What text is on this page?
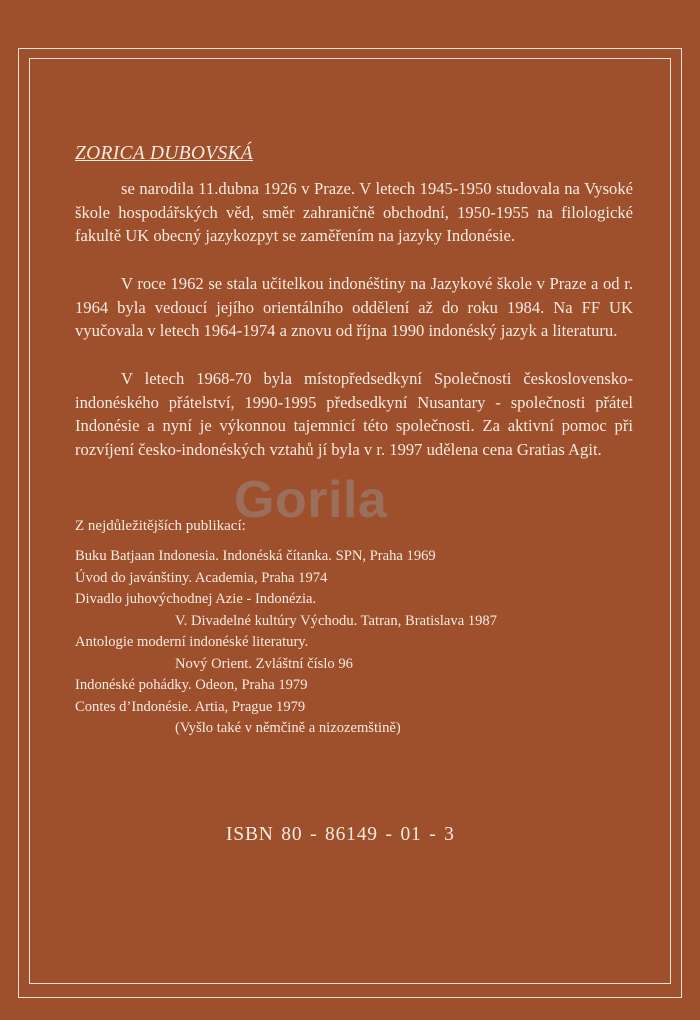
ZORICA DUBOVSKÁ

se narodila 11.dubna 1926 v Praze. V letech 1945-1950 studovala na Vysoké škole hospodářských věd, směr zahraničně obchodní, 1950-1955 na filologické fakultě UK obecný jazykozpyt se zaměřením na jazyky Indonésie.

V roce 1962 se stala učitelkou indonéštiny na Jazykové škole v Praze a od r. 1964 byla vedoucí jejího orientálního oddělení až do roku 1984. Na FF UK vyučovala v letech 1964-1974 a znovu od října 1990 indonéský jazyk a literaturu.

V letech 1968-70 byla místopředsedkyní Společnosti československo-indonéského přátelství, 1990-1995 předsedkyní Nusantary - společnosti přátel Indonésie a nyní je výkonnou tajemnicí této společnosti. Za aktivní pomoc při rozvíjení česko-indonéských vztahů jí byla v r. 1997 udělena cena Gratias Agit.

Z nejdůležitějších publikací:
Buku Batjaan Indonesia. Indonéská čítanka. SPN, Praha 1969
Úvod do javánštiny. Academia, Praha 1974
Divadlo juhovýchodnej Azie - Indonézia.
V. Divadelné kultúry Východu. Tatran, Bratislava 1987
Antologie moderní indonéské literatury.
Nový Orient. Zvláštní číslo 96
Indonéské pohádky. Odeon, Praha 1979
Contes d’Indonésie. Artia, Prague 1979
(Vyšlo také v němčině a nizozemštině)
Gorila
ISBN 80 - 86149 - 01 - 3
